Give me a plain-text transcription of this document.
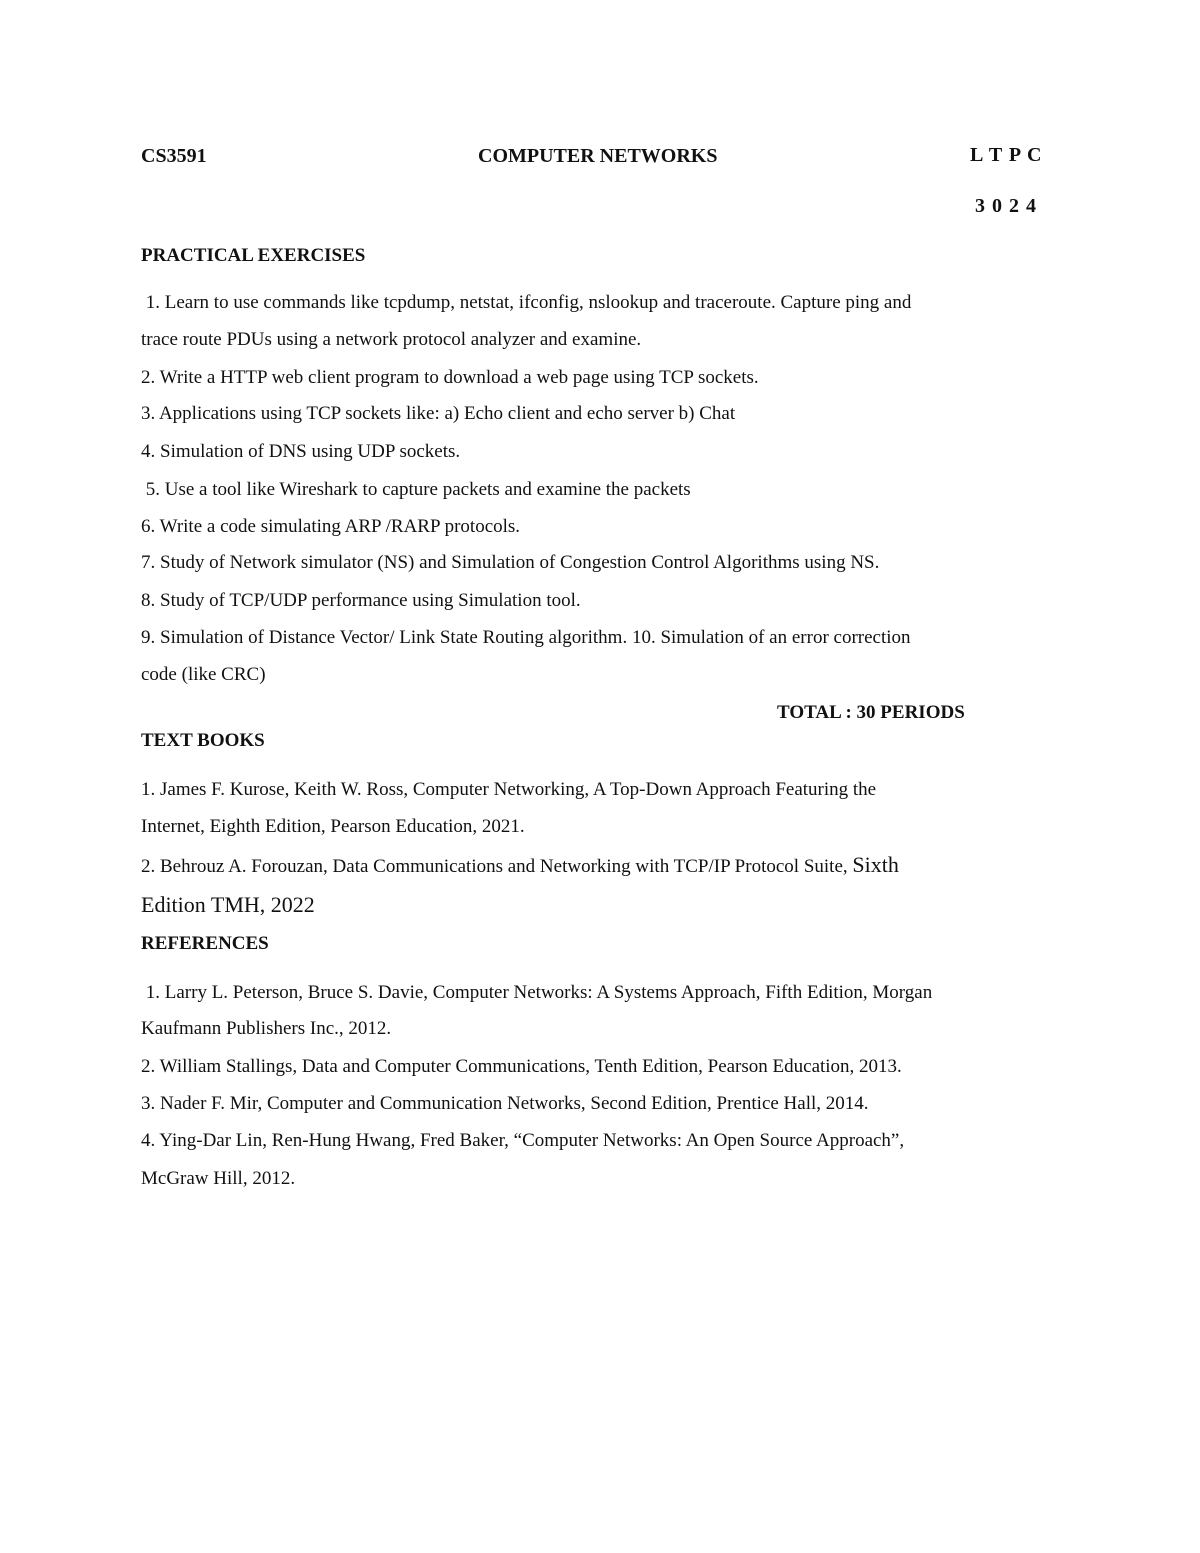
CS3591	COMPUTER NETWORKS	L T P C
3 0 2 4
PRACTICAL EXERCISES
1. Learn to use commands like tcpdump, netstat, ifconfig, nslookup and traceroute. Capture ping and
trace route PDUs using a network protocol analyzer and examine.
2. Write a HTTP web client program to download a web page using TCP sockets.
3. Applications using TCP sockets like: a) Echo client and echo server b) Chat
4. Simulation of DNS using UDP sockets.
5. Use a tool like Wireshark to capture packets and examine the packets
6. Write a code simulating ARP /RARP protocols.
7. Study of Network simulator (NS) and Simulation of Congestion Control Algorithms using NS.
8. Study of TCP/UDP performance using Simulation tool.
9. Simulation of Distance Vector/ Link State Routing algorithm. 10. Simulation of an error correction
code (like CRC)
TOTAL : 30 PERIODS
TEXT BOOKS
1. James F. Kurose, Keith W. Ross, Computer Networking, A Top-Down Approach Featuring the
Internet, Eighth Edition, Pearson Education, 2021.
2. Behrouz A. Forouzan, Data Communications and Networking with TCP/IP Protocol Suite, Sixth
Edition TMH, 2022
REFERENCES
1. Larry L. Peterson, Bruce S. Davie, Computer Networks: A Systems Approach, Fifth Edition, Morgan
Kaufmann Publishers Inc., 2012.
2. William Stallings, Data and Computer Communications, Tenth Edition, Pearson Education, 2013.
3. Nader F. Mir, Computer and Communication Networks, Second Edition, Prentice Hall, 2014.
4. Ying-Dar Lin, Ren-Hung Hwang, Fred Baker, “Computer Networks: An Open Source Approach”,
McGraw Hill, 2012.
